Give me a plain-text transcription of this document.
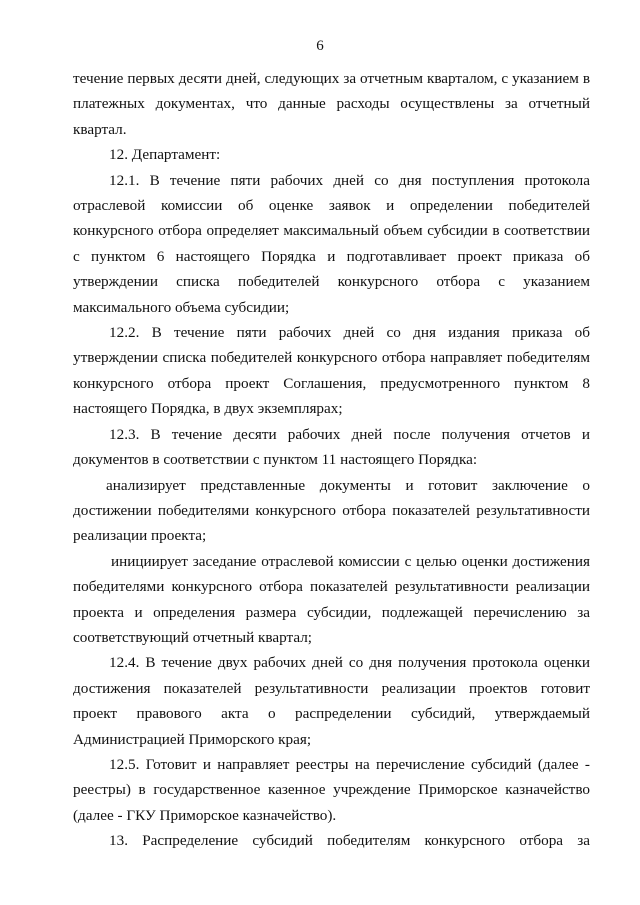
6

течение первых десяти дней, следующих за отчетным кварталом, с указанием в платежных документах, что данные расходы осуществлены за отчетный квартал.

12. Департамент:

12.1. В течение пяти рабочих дней со дня поступления протокола отраслевой комиссии об оценке заявок и определении победителей конкурсного отбора определяет максимальный объем субсидии в соответствии с пунктом 6 настоящего Порядка и подготавливает проект приказа об утверждении списка победителей конкурсного отбора с указанием максимального объема субсидии;

12.2. В течение пяти рабочих дней со дня издания приказа об утверждении списка победителей конкурсного отбора направляет победителям конкурсного отбора проект Соглашения, предусмотренного пунктом 8 настоящего Порядка, в двух экземплярах;

12.3. В течение десяти рабочих дней после получения отчетов и документов в соответствии с пунктом 11 настоящего Порядка:

анализирует представленные документы и готовит заключение о достижении победителями конкурсного отбора показателей результативности реализации проекта;

инициирует заседание отраслевой комиссии с целью оценки достижения победителями конкурсного отбора показателей результативности реализации проекта и определения размера субсидии, подлежащей перечислению за соответствующий отчетный квартал;

12.4. В течение двух рабочих дней со дня получения протокола оценки достижения показателей результативности реализации проектов готовит проект правового акта о распределении субсидий, утверждаемый Администрацией Приморского края;

12.5. Готовит и направляет реестры на перечисление субсидий (далее - реестры) в государственное казенное учреждение Приморское казначейство (далее - ГКУ Приморское казначейство).

13. Распределение субсидий победителям конкурсного отбора за
